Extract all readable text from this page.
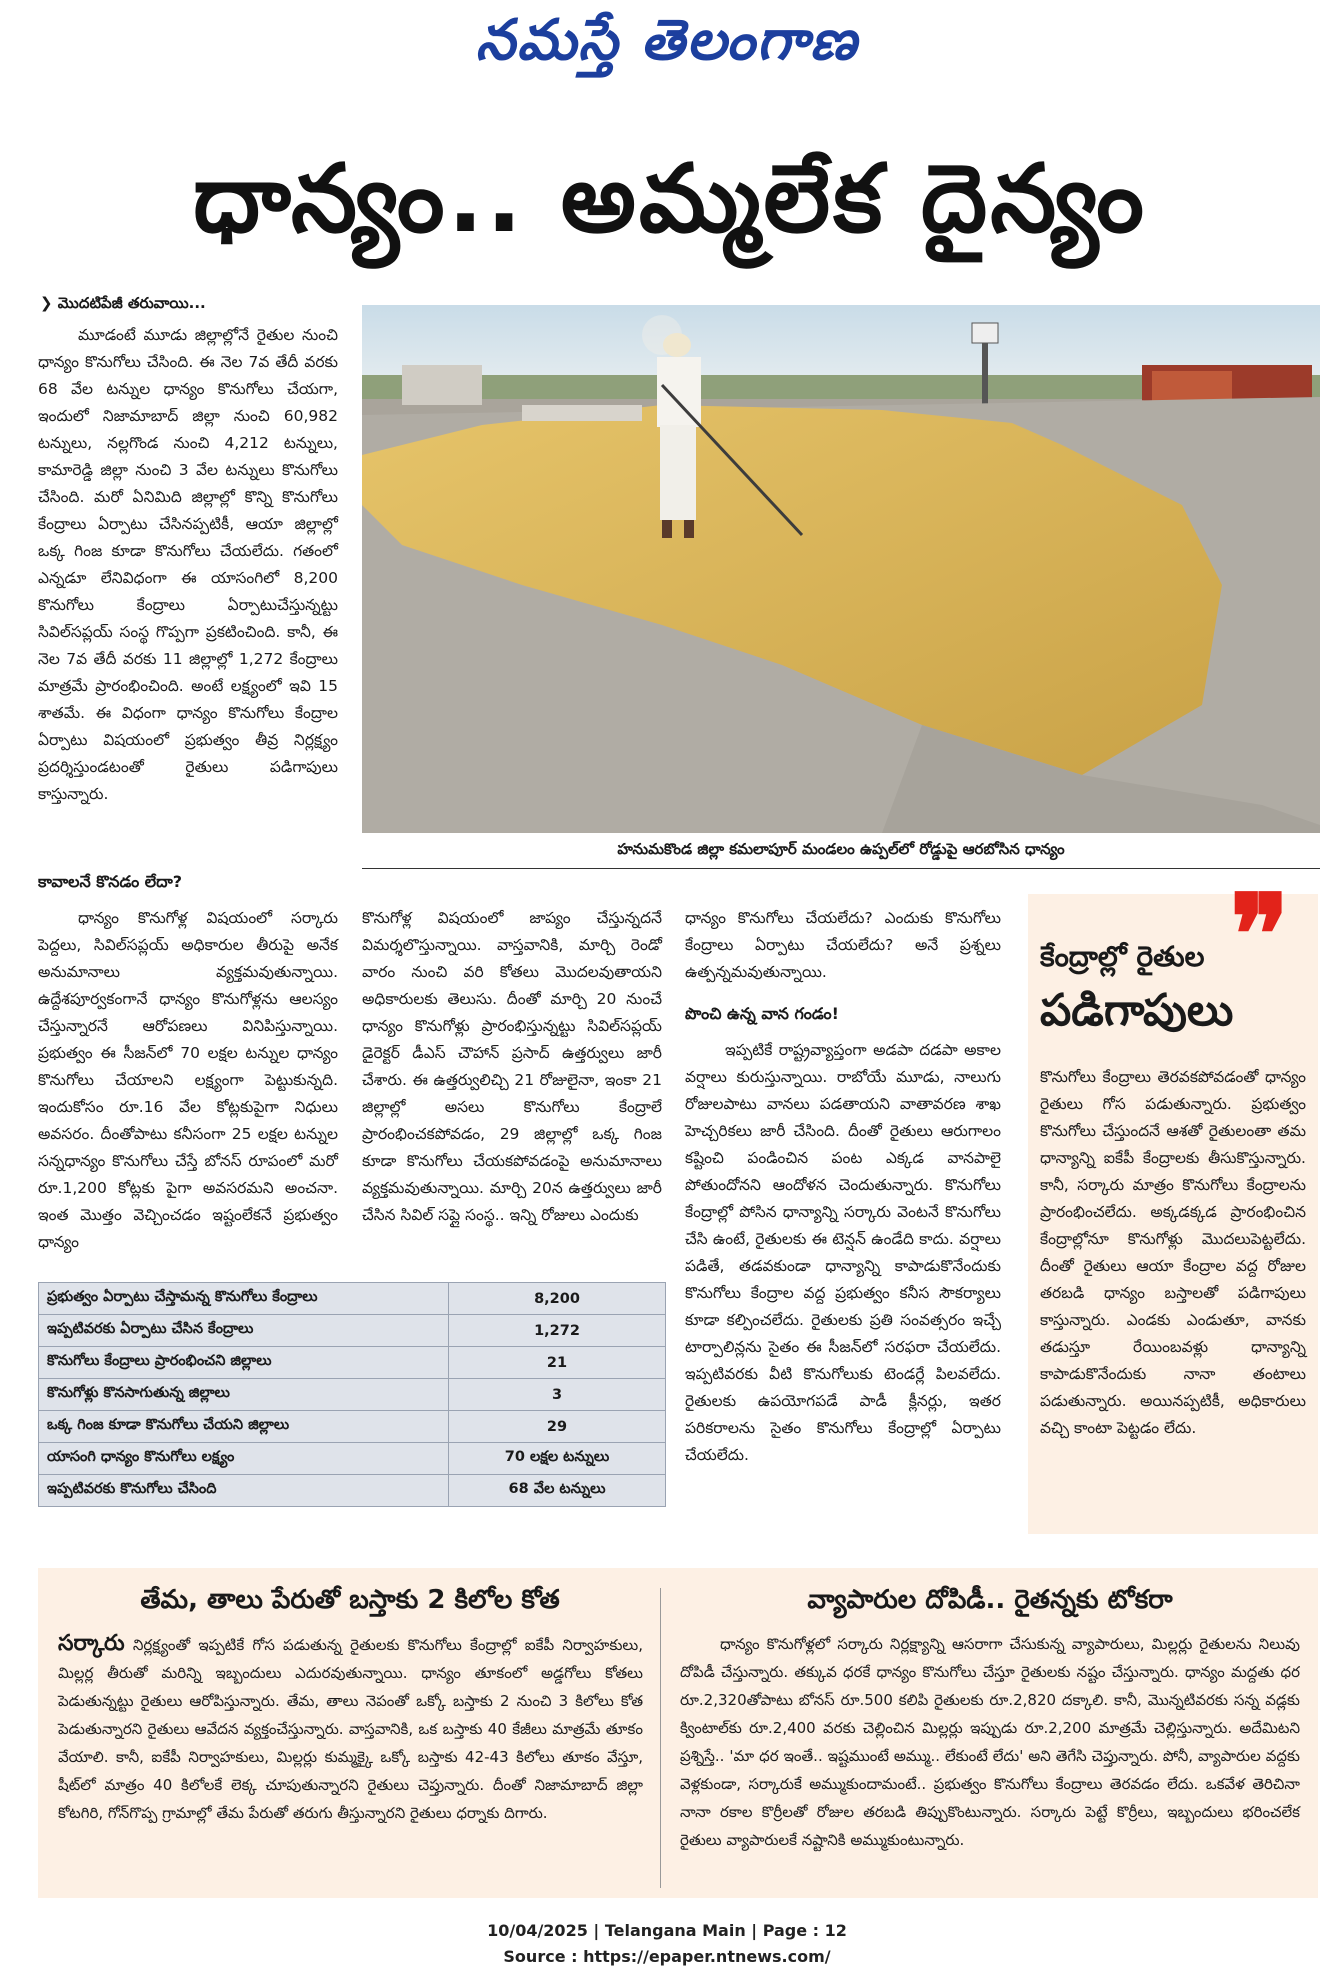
నమస్తే తెలంగాణ
ధాన్యం.. అమ్మలేక దైన్యం
❯ మొదటిపేజీ తరువాయి...

మూడంటే మూడు జిల్లాల్లోనే రైతుల నుంచి ధాన్యం కొనుగోలు చేసింది. ఈ నెల 7వ తేదీ వరకు 68 వేల టన్నుల ధాన్యం కొనుగోలు చేయగా, ఇందులో నిజామాబాద్ జిల్లా నుంచి 60,982 టన్నులు, నల్లగొండ నుంచి 4,212 టన్నులు, కామారెడ్డి జిల్లా నుంచి 3 వేల టన్నులు కొనుగోలు చేసింది. మరో ఏనిమిది జిల్లాల్లో కొన్ని కొనుగోలు కేంద్రాలు ఏర్పాటు చేసినప్పటికీ, ఆయా జిల్లాల్లో ఒక్క గింజ కూడా కొనుగోలు చేయలేదు. గతంలో ఎన్నడూ లేనివిధంగా ఈ యాసంగిలో 8,200 కొనుగోలు కేంద్రాలు ఏర్పాటుచేస్తున్నట్టు సివిల్‌సప్లయ్ సంస్థ గొప్పగా ప్రకటించింది. కానీ, ఈ నెల 7వ తేదీ వరకు 11 జిల్లాల్లో 1,272 కేంద్రాలు మాత్రమే ప్రారంభించింది. అంటే లక్ష్యంలో ఇవి 15 శాతమే. ఈ విధంగా ధాన్యం కొనుగోలు కేంద్రాల ఏర్పాటు విషయంలో ప్రభుత్వం తీవ్ర నిర్లక్ష్యం ప్రదర్శిస్తుండటంతో రైతులు పడిగాపులు కాస్తున్నారు.

హనుమకొండ జిల్లా కమలాపూర్ మండలం ఉప్పల్‌లో రోడ్డుపై ఆరబోసిన ధాన్యం
కావాలనే కొనడం లేదా?

ధాన్యం కొనుగోళ్ల విషయంలో సర్కారు పెద్దలు, సివిల్‌సప్లయ్ అధికారుల తీరుపై అనేక అనుమానాలు వ్యక్తమవుతున్నాయి. ఉద్దేశపూర్వకంగానే ధాన్యం కొనుగోళ్లను ఆలస్యం చేస్తున్నారనే ఆరోపణలు వినిపిస్తున్నాయి. ప్రభుత్వం ఈ సీజన్‌లో 70 లక్షల టన్నుల ధాన్యం కొనుగోలు చేయాలని లక్ష్యంగా పెట్టుకున్నది. ఇందుకోసం రూ.16 వేల కోట్లకుపైగా నిధులు అవసరం. దీంతోపాటు కనీసంగా 25 లక్షల టన్నుల సన్నధాన్యం కొనుగోలు చేస్తే బోనస్ రూపంలో మరో రూ.1,200 కోట్లకు పైగా అవసరమని అంచనా. ఇంత మొత్తం వెచ్చించడం ఇష్టంలేకనే ప్రభుత్వం ధాన్యం

కొనుగోళ్ల విషయంలో జాప్యం చేస్తున్నదనే విమర్శలొస్తున్నాయి. వాస్తవానికి, మార్చి రెండో వారం నుంచి వరి కోతలు మొదలవుతాయని అధికారులకు తెలుసు. దీంతో మార్చి 20 నుంచే ధాన్యం కొనుగోళ్లు ప్రారంభిస్తున్నట్టు సివిల్‌సప్లయ్ డైరెక్టర్ డీఎస్ చౌహాన్ ప్రసాద్ ఉత్తర్వులు జారీ చేశారు. ఈ ఉత్తర్వులిచ్చి 21 రోజులైనా, ఇంకా 21 జిల్లాల్లో అసలు కొనుగోలు కేంద్రాలే ప్రారంభించకపోవడం, 29 జిల్లాల్లో ఒక్క గింజ కూడా కొనుగోలు చేయకపోవడంపై అనుమానాలు వ్యక్తమవుతున్నాయి. మార్చి 20న ఉత్తర్వులు జారీ చేసిన సివిల్ సప్లై సంస్థ.. ఇన్ని రోజులు ఎందుకు

ధాన్యం కొనుగోలు చేయలేదు? ఎందుకు కొనుగోలు కేంద్రాలు ఏర్పాటు చేయలేదు? అనే ప్రశ్నలు ఉత్పన్నమవుతున్నాయి.

పొంచి ఉన్న వాన గండం!

ఇప్పటికే రాష్ట్రవ్యాప్తంగా అడపా దడపా అకాల వర్షాలు కురుస్తున్నాయి. రాబోయే మూడు, నాలుగు రోజులపాటు వానలు పడతాయని వాతావరణ శాఖ హెచ్చరికలు జారీ చేసింది. దీంతో రైతులు ఆరుగాలం కష్టించి పండించిన పంట ఎక్కడ వానపాలై పోతుందోనని ఆందోళన చెందుతున్నారు. కొనుగోలు కేంద్రాల్లో పోసిన ధాన్యాన్ని సర్కారు వెంటనే కొనుగోలు చేసి ఉంటే, రైతులకు ఈ టెన్షన్ ఉండేది కాదు. వర్షాలు పడితే, తడవకుండా ధాన్యాన్ని కాపాడుకొనేందుకు కొనుగోలు కేంద్రాల వద్ద ప్రభుత్వం కనీస సౌకర్యాలు కూడా కల్పించలేదు. రైతులకు ప్రతి సంవత్సరం ఇచ్చే టార్పాలిన్లను సైతం ఈ సీజన్‌లో సరఫరా చేయలేదు. ఇప్పటివరకు వీటి కొనుగోలుకు టెండర్లే పిలవలేదు. రైతులకు ఉపయోగపడే పాడీ క్లీనర్లు, ఇతర పరికరాలను సైతం కొనుగోలు కేంద్రాల్లో ఏర్పాటు చేయలేదు.

ప్రభుత్వం ఏర్పాటు చేస్తామన్న కొనుగోలు కేంద్రాలు	8,200
ఇప్పటివరకు ఏర్పాటు చేసిన కేంద్రాలు	1,272
కొనుగోలు కేంద్రాలు ప్రారంభించని జిల్లాలు	21
కొనుగోళ్లు కొనసాగుతున్న జిల్లాలు	3
ఒక్క గింజ కూడా కొనుగోలు చేయని జిల్లాలు	29
యాసంగి ధాన్యం కొనుగోలు లక్ష్యం	70 లక్షల టన్నులు
ఇప్పటివరకు కొనుగోలు చేసింది	68 వేల టన్నులు
కొనుగోలు కేంద్రాలు తెరవకపోవడంతో ధాన్యం రైతులు గోస పడుతున్నారు. ప్రభుత్వం కొనుగోలు చేస్తుందనే ఆశతో రైతులంతా తమ ధాన్యాన్ని ఐకేపీ కేంద్రాలకు తీసుకొస్తున్నారు. కానీ, సర్కారు మాత్రం కొనుగోలు కేంద్రాలను ప్రారంభించలేదు. అక్కడక్కడ ప్రారంభించిన కేంద్రాల్లోనూ కొనుగోళ్లు మొదలుపెట్టలేదు. దీంతో రైతులు ఆయా కేంద్రాల వద్ద రోజుల తరబడి ధాన్యం బస్తాలతో పడిగాపులు కాస్తున్నారు. ఎండకు ఎండుతూ, వానకు తడుస్తూ రేయింబవళ్లు ధాన్యాన్ని కాపాడుకొనేందుకు నానా తంటాలు పడుతున్నారు. అయినప్పటికీ, అధికారులు వచ్చి కాంటా పెట్టడం లేదు.
❞
కేంద్రాల్లో రైతుల
పడిగాపులు
తేమ, తాలు పేరుతో బస్తాకు 2 కిలోల కోత
సర్కారు నిర్లక్ష్యంతో ఇప్పటికే గోస పడుతున్న రైతులకు కొనుగోలు కేంద్రాల్లో ఐకేపీ నిర్వాహకులు, మిల్లర్ల తీరుతో మరిన్ని ఇబ్బందులు ఎదురవుతున్నాయి. ధాన్యం తూకంలో అడ్డగోలు కోతలు పెడుతున్నట్టు రైతులు ఆరోపిస్తున్నారు. తేమ, తాలు నెపంతో ఒక్కో బస్తాకు 2 నుంచి 3 కిలోలు కోత పెడుతున్నారని రైతులు ఆవేదన వ్యక్తంచేస్తున్నారు. వాస్తవానికి, ఒక బస్తాకు 40 కేజీలు మాత్రమే తూకం వేయాలి. కానీ, ఐకేపీ నిర్వాహకులు, మిల్లర్లు కుమ్మక్కై ఒక్కో బస్తాకు 42-43 కిలోలు తూకం వేస్తూ, షీట్‌లో మాత్రం 40 కిలోలకే లెక్క చూపుతున్నారని రైతులు చెప్తున్నారు. దీంతో నిజామాబాద్ జిల్లా కోటగిరి, గోన్‌గొప్ప గ్రామాల్లో తేమ పేరుతో తరుగు తీస్తున్నారని రైతులు ధర్నాకు దిగారు.
వ్యాపారుల దోపిడీ.. రైతన్నకు టోకరా

ధాన్యం కొనుగోళ్లలో సర్కారు నిర్లక్ష్యాన్ని ఆసరాగా చేసుకున్న వ్యాపారులు, మిల్లర్లు రైతులను నిలువు దోపిడీ చేస్తున్నారు. తక్కువ ధరకే ధాన్యం కొనుగోలు చేస్తూ రైతులకు నష్టం చేస్తున్నారు. ధాన్యం మద్దతు ధర రూ.2,320తోపాటు బోనస్ రూ.500 కలిపి రైతులకు రూ.2,820 దక్కాలి. కానీ, మొన్నటివరకు సన్న వడ్లకు క్వింటాల్‌కు రూ.2,400 వరకు చెల్లించిన మిల్లర్లు ఇప్పుడు రూ.2,200 మాత్రమే చెల్లిస్తున్నారు. అదేమిటని ప్రశ్నిస్తే.. 'మా ధర ఇంతే.. ఇష్టముంటే అమ్ము.. లేకుంటే లేదు' అని తెగేసి చెప్తున్నారు. పోనీ, వ్యాపారుల వద్దకు వెళ్లకుండా, సర్కారుకే అమ్ముకుందామంటే.. ప్రభుత్వం కొనుగోలు కేంద్రాలు తెరవడం లేదు. ఒకవేళ తెరిచినా నానా రకాల కొర్రీలతో రోజుల తరబడి తిప్పుకొంటున్నారు. సర్కారు పెట్టే కొర్రీలు, ఇబ్బందులు భరించలేక రైతులు వ్యాపారులకే నష్టానికి అమ్ముకుంటున్నారు.

10/04/2025 | Telangana Main | Page : 12
Source : https://epaper.ntnews.com/
